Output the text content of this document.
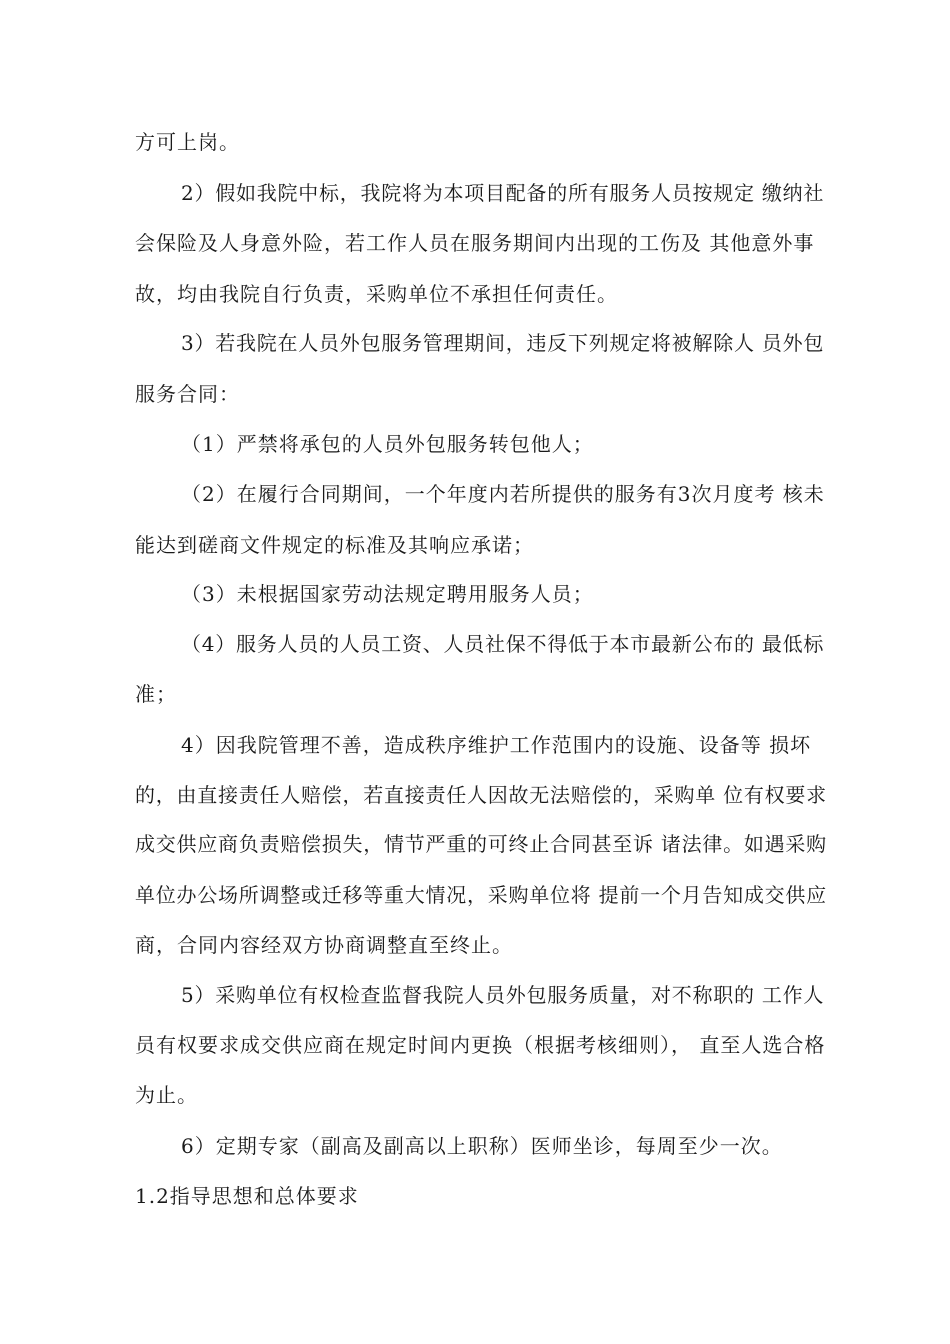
方可上岗。
2）假如我院中标，我院将为本项目配备的所有服务人员按规定 缴纳社
会保险及人身意外险，若工作人员在服务期间内出现的工伤及 其他意外事
故，均由我院自行负责，采购单位不承担任何责任。
3）若我院在人员外包服务管理期间，违反下列规定将被解除人 员外包
服务合同：
（1）严禁将承包的人员外包服务转包他人；
（2）在履行合同期间，一个年度内若所提供的服务有3次月度考 核未
能达到磋商文件规定的标准及其响应承诺；
（3）未根据国家劳动法规定聘用服务人员；
（4）服务人员的人员工资、人员社保不得低于本市最新公布的 最低标
准；
4）因我院管理不善，造成秩序维护工作范围内的设施、设备等 损坏
的，由直接责任人赔偿，若直接责任人因故无法赔偿的，采购单 位有权要求
成交供应商负责赔偿损失，情节严重的可终止合同甚至诉 诸法律。如遇采购
单位办公场所调整或迁移等重大情况，采购单位将 提前一个月告知成交供应
商，合同内容经双方协商调整直至终止。
5）采购单位有权检查监督我院人员外包服务质量，对不称职的 工作人
员有权要求成交供应商在规定时间内更换（根据考核细则）， 直至人选合格
为止。
6）定期专家（副高及副高以上职称）医师坐诊，每周至少一次。
1.2指导思想和总体要求
